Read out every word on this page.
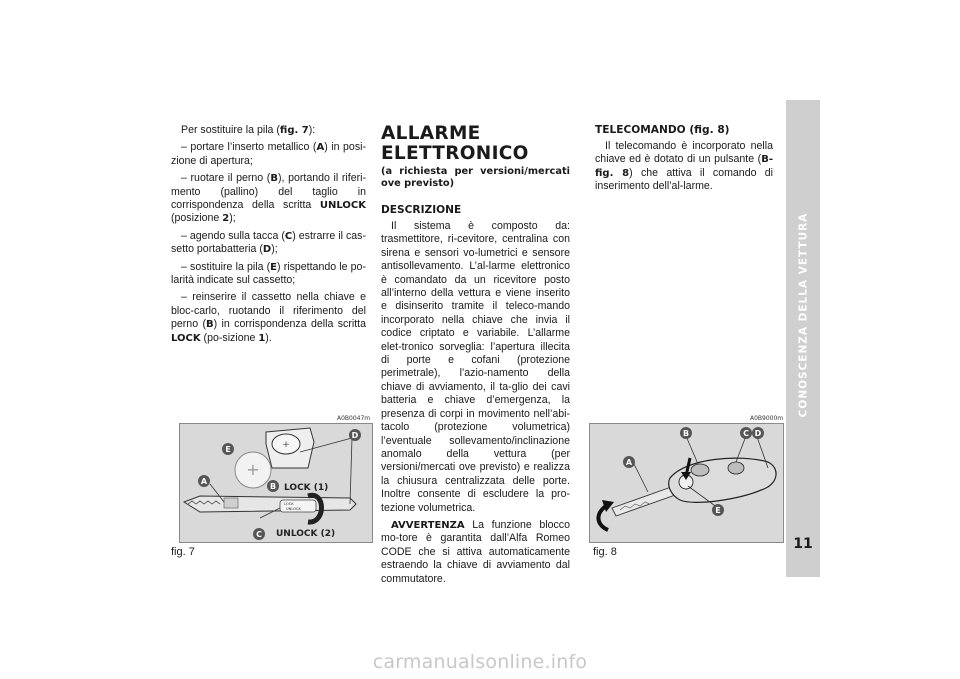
Per sostituire la pila (fig. 7):

– portare l’inserto metallico (A) in posi-zione di apertura;

– ruotare il perno (B), portando il riferi-mento (pallino) del taglio in corrispondenza della scritta UNLOCK (posizione 2);

– agendo sulla tacca (C) estrarre il cas-setto portabatteria (D);

– sostituire la pila (E) rispettando le po-larità indicate sul cassetto;

– reinserire il cassetto nella chiave e bloc-carlo, ruotando il riferimento del perno (B) in corrispondenza della scritta LOCK (po-sizione 1).

ALLARME
ELETTRONICO
(a richiesta per versioni/mercati ove previsto)
DESCRIZIONE

Il sistema è composto da: trasmettitore, ri-cevitore, centralina con sirena e sensori vo-lumetrici e sensore antisollevamento. L’al-larme elettronico è comandato da un ricevitore posto all’interno della vettura e viene inserito e disinserito tramite il teleco-mando incorporato nella chiave che invia il codice criptato e variabile. L’allarme elet-tronico sorveglia: l’apertura illecita di porte e cofani (protezione perimetrale), l’azio-namento della chiave di avviamento, il ta-glio dei cavi batteria e chiave d’emergenza, la presenza di corpi in movimento nell’abi-tacolo (protezione volumetrica) l’eventuale sollevamento/inclinazione anomalo della vettura (per versioni/mercati ove previsto) e realizza la chiusura centralizzata delle porte. Inoltre consente di escludere la pro-tezione volumetrica.

AVVERTENZA La funzione blocco mo-tore è garantita dall’Alfa Romeo CODE che si attiva automaticamente estraendo la chiave di avviamento dal commutatore.

TELECOMANDO (fig. 8)

Il telecomando è incorporato nella chiave ed è dotato di un pulsante (B-fig. 8) che attiva il comando di inserimento dell’al-larme.

A0B0047m
+
+
LOCK
UNLOCK
LOCK (1)
UNLOCK (2)
A
B
C
D
E
fig. 7
A0B9000m
A
B	C D
E
fig. 8
CONOSCENZA DELLA VETTURA
11
carmanualsonline.info
